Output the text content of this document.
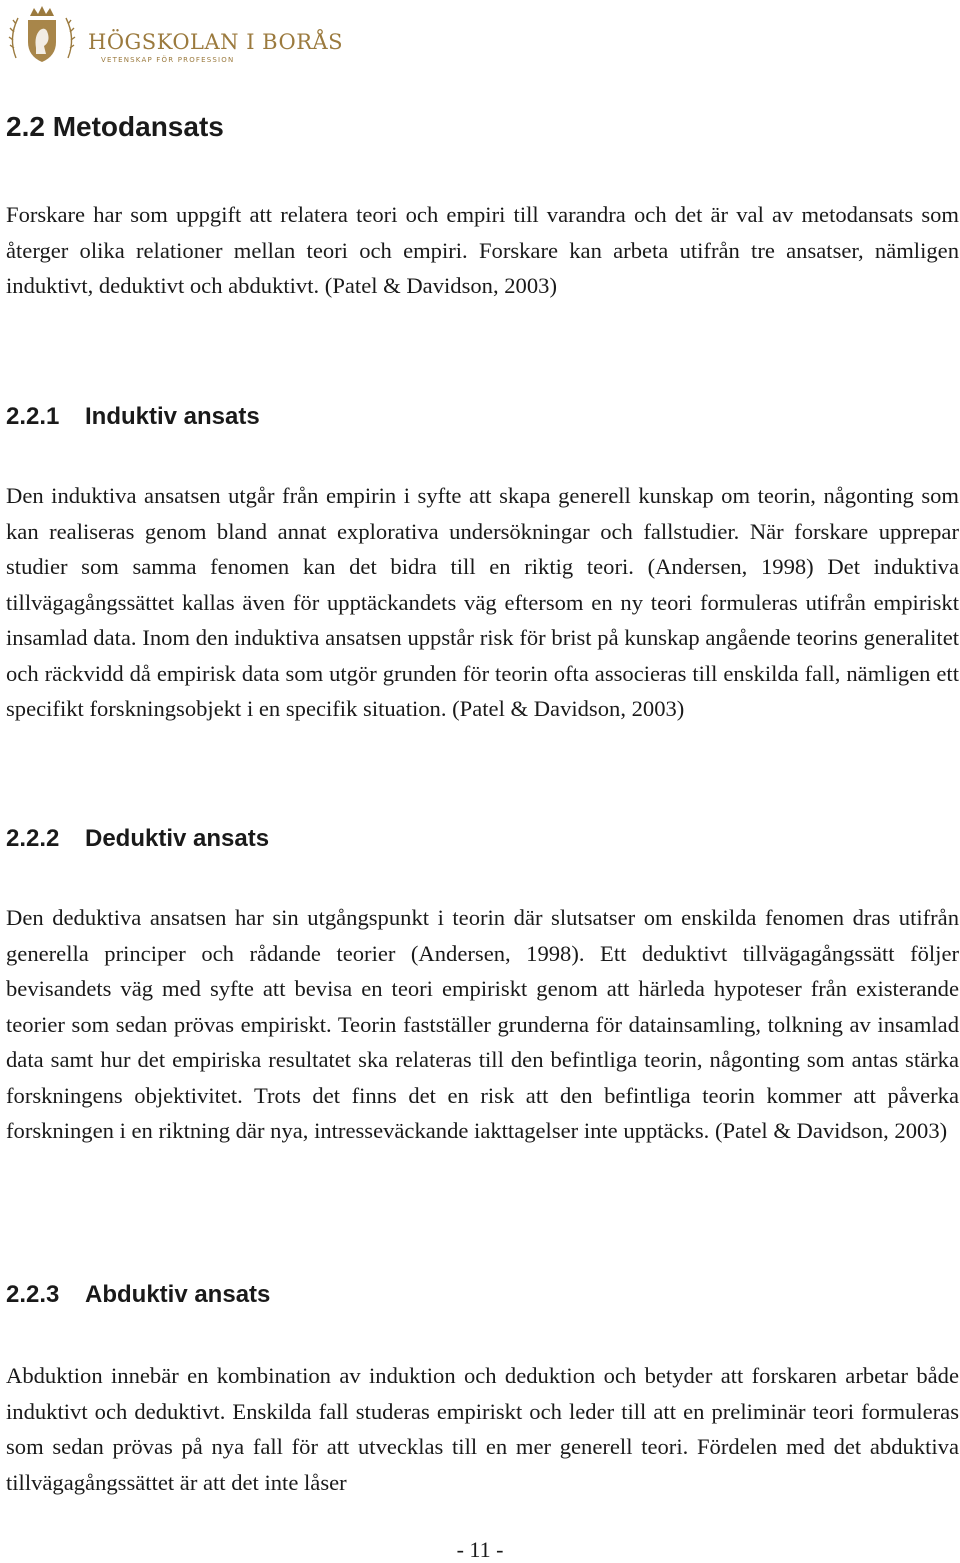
HÖGSKOLAN I BORÅS
VETENSKAP FÖR PROFESSION
2.2 Metodansats

Forskare har som uppgift att relatera teori och empiri till varandra och det är val av metodansats som återger olika relationer mellan teori och empiri. Forskare kan arbeta utifrån tre ansatser, nämligen induktivt, deduktivt och abduktivt. (Patel & Davidson, 2003)

2.2.1 Induktiv ansats

Den induktiva ansatsen utgår från empirin i syfte att skapa generell kunskap om teorin, någonting som kan realiseras genom bland annat explorativa undersökningar och fallstudier. När forskare upprepar studier som samma fenomen kan det bidra till en riktig teori. (Andersen, 1998) Det induktiva tillvägagångssättet kallas även för upptäckandets väg eftersom en ny teori formuleras utifrån empiriskt insamlad data. Inom den induktiva ansatsen uppstår risk för brist på kunskap angående teorins generalitet och räckvidd då empirisk data som utgör grunden för teorin ofta associeras till enskilda fall, nämligen ett specifikt forskningsobjekt i en specifik situation. (Patel & Davidson, 2003)

2.2.2 Deduktiv ansats

Den deduktiva ansatsen har sin utgångspunkt i teorin där slutsatser om enskilda fenomen dras utifrån generella principer och rådande teorier (Andersen, 1998). Ett deduktivt tillvägagångssätt följer bevisandets väg med syfte att bevisa en teori empiriskt genom att härleda hypoteser från existerande teorier som sedan prövas empiriskt. Teorin fastställer grunderna för datainsamling, tolkning av insamlad data samt hur det empiriska resultatet ska relateras till den befintliga teorin, någonting som antas stärka forskningens objektivitet. Trots det finns det en risk att den befintliga teorin kommer att påverka forskningen i en riktning där nya, intresseväckande iakttagelser inte upptäcks. (Patel & Davidson, 2003)

2.2.3 Abduktiv ansats

Abduktion innebär en kombination av induktion och deduktion och betyder att forskaren arbetar både induktivt och deduktivt. Enskilda fall studeras empiriskt och leder till att en preliminär teori formuleras som sedan prövas på nya fall för att utvecklas till en mer generell teori. Fördelen med det abduktiva tillvägagångssättet är att det inte låser

- 11 -
